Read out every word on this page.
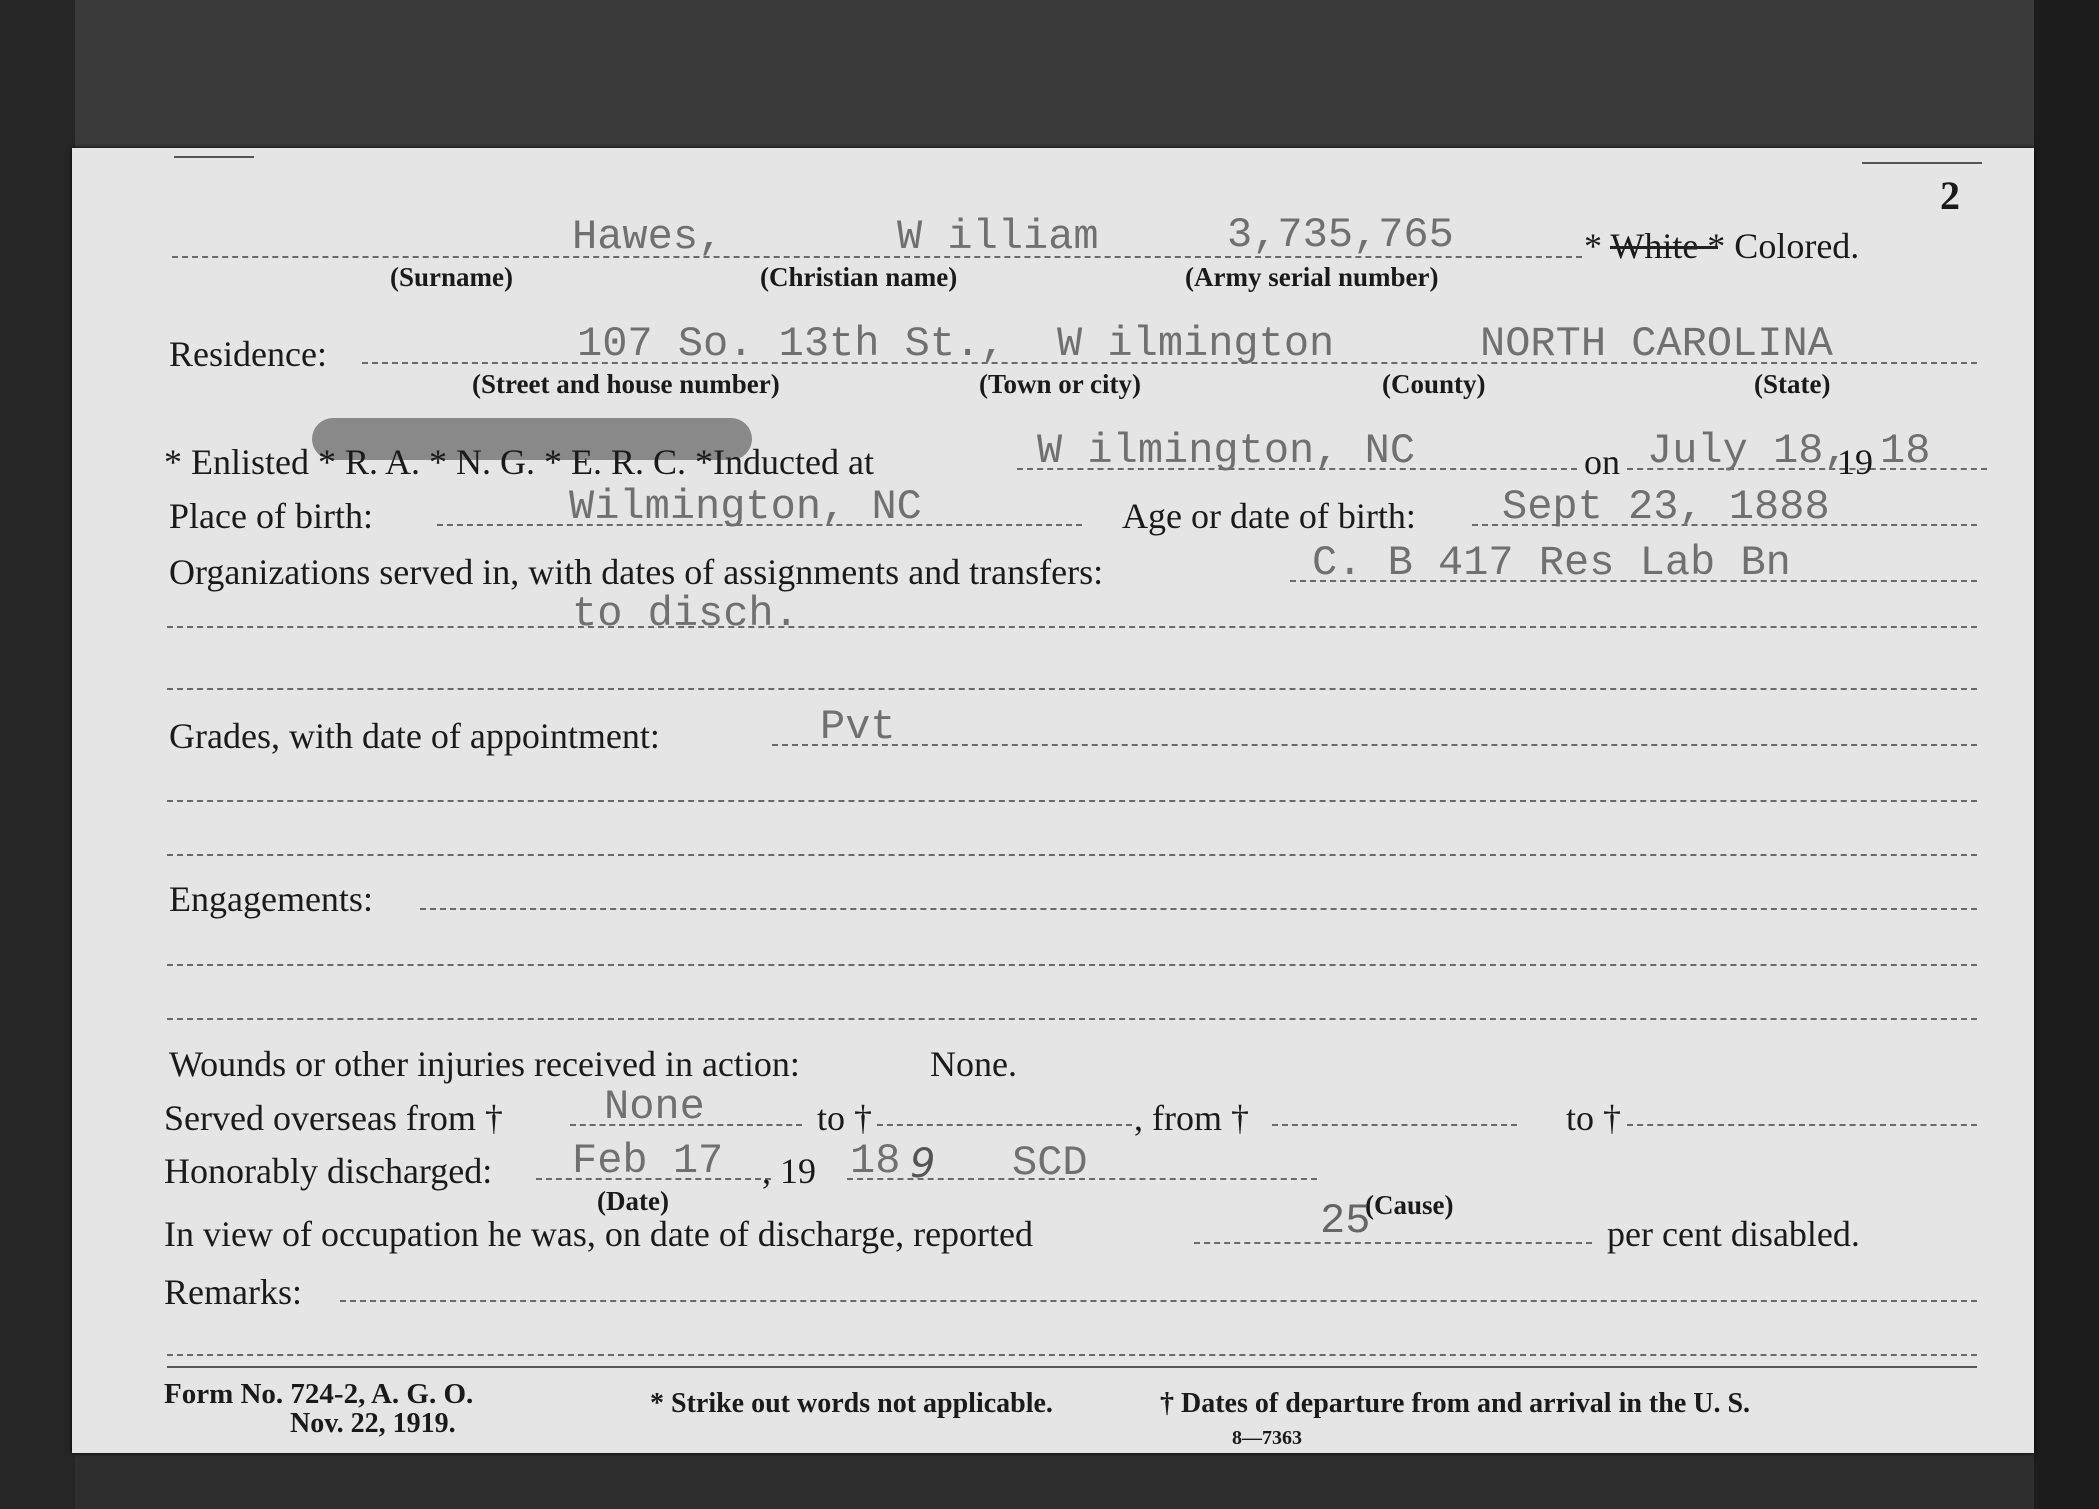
2
Hawes,	W illiam	3,735,765	* White * Colored.
(Surname)	(Christian name)	(Army serial number)
Residence:	107 So. 13th St., W ilmington	NORTH CAROLINA
(Street and house number)	(Town or city)	(County)	(State)
* Enlisted * R. A. * N. G. * E. R. C. *Inducted at	W ilmington, NC	on July 18,
19 18
Place of birth:	Wilmington, NC	Age or date of birth: Sept 23, 1888
Organizations served in, with dates of assignments and transfers:	C. B 417 Res Lab Bn
to disch.
Grades, with date of appointment:	Pvt
Engagements:
Wounds or other injuries received in action:	None.
Served overseas from † None	to †	, from †	to †
Honorably discharged: Feb 17 , 19 18 9 SCD
(Date)	(Cause)
In view of occupation he was, on date of discharge, reported	25	per cent disabled.
Remarks:
Form No. 724-2, A. G. O.
Nov. 22, 1919.
* Strike out words not applicable.	† Dates of departure from and arrival in the U. S.
8—7363
